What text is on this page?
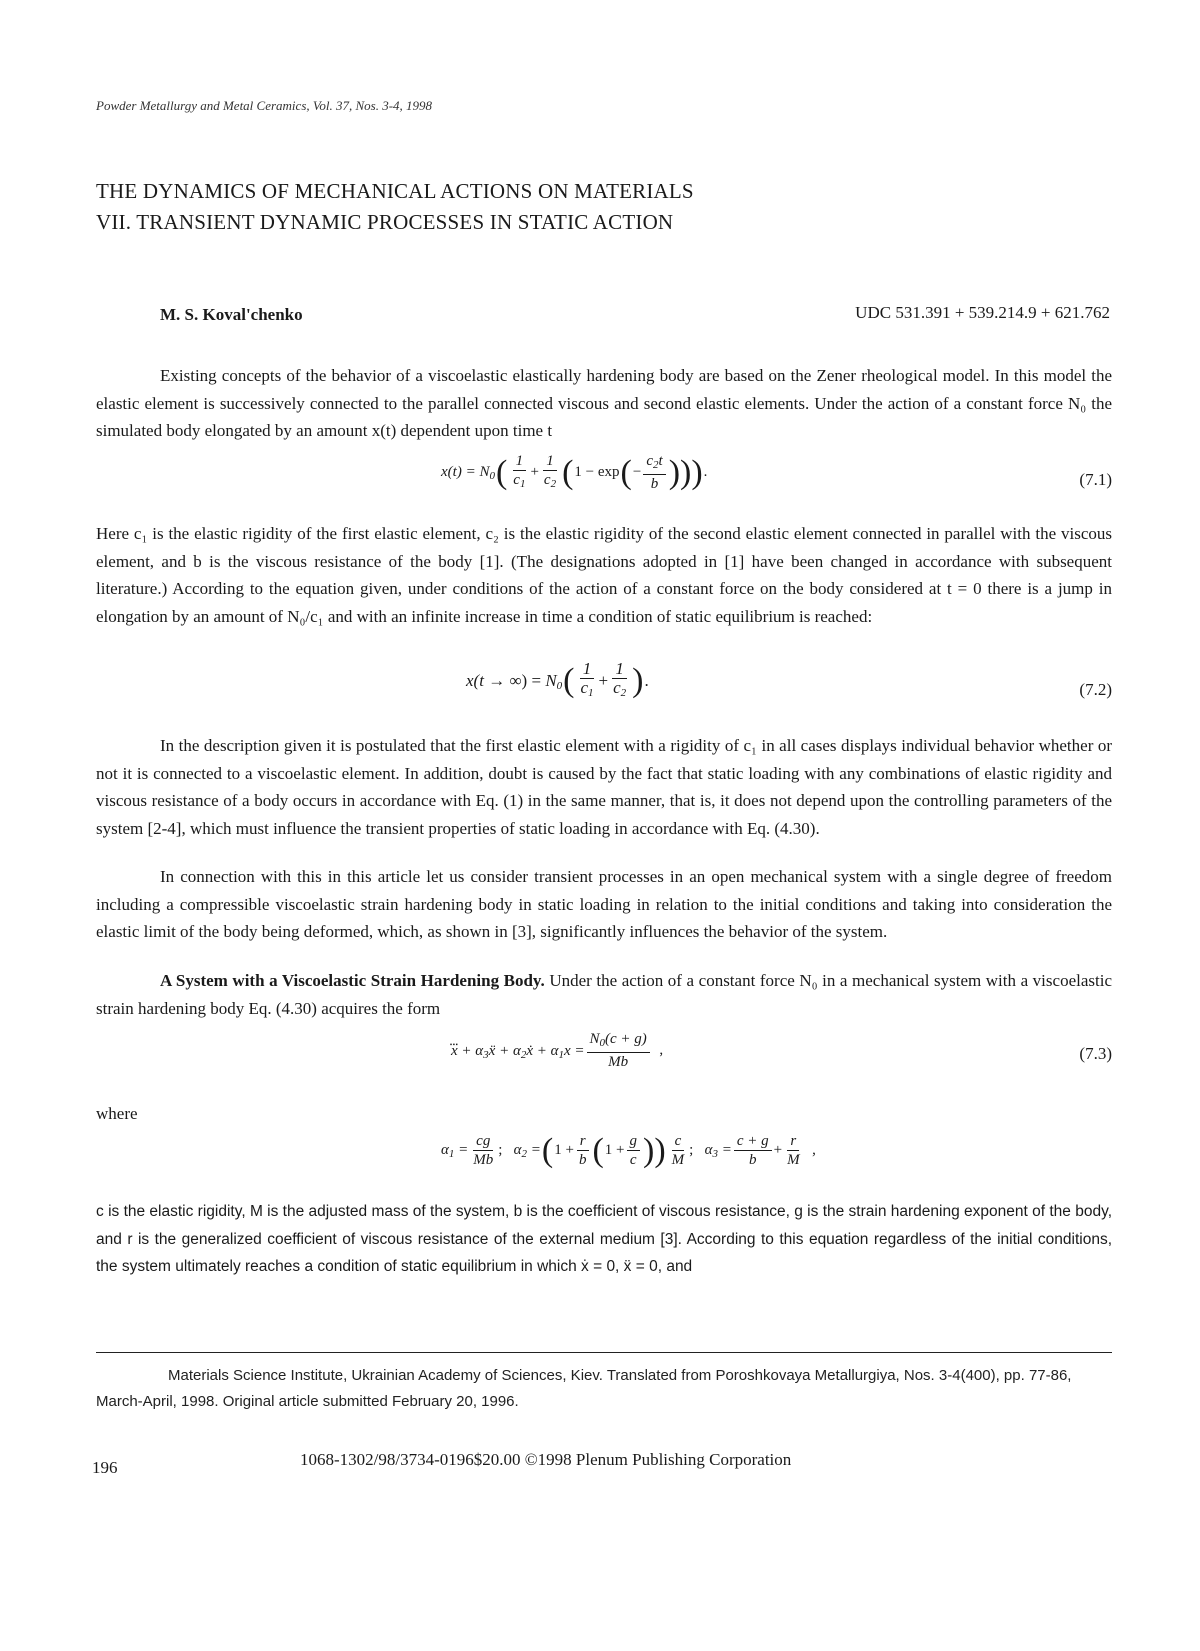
Powder Metallurgy and Metal Ceramics, Vol. 37, Nos. 3-4, 1998
THE DYNAMICS OF MECHANICAL ACTIONS ON MATERIALS
VII. TRANSIENT DYNAMIC PROCESSES IN STATIC ACTION
M. S. Koval'chenko	UDC 531.391 + 539.214.9 + 621.762
Existing concepts of the behavior of a viscoelastic elastically hardening body are based on the Zener rheological model. In this model the elastic element is successively connected to the parallel connected viscous and second elastic elements. Under the action of a constant force N₀ the simulated body elongated by an amount x(t) dependent upon time t
$x(t) = N_0$ ( $\frac{1}{c_1} + \frac{1}{c_2}$ ( 1 − exp ( − $\frac{c_2t}{b}$ ))) .	(7.1)
Here c₁ is the elastic rigidity of the first elastic element, c₂ is the elastic rigidity of the second elastic element connected in parallel with the viscous element, and b is the viscous resistance of the body [1]. (The designations adopted in [1] have been changed in accordance with subsequent literature.) According to the equation given, under conditions of the action of a constant force on the body considered at t = 0 there is a jump in elongation by an amount of N₀/c₁ and with an infinite increase in time a condition of static equilibrium is reached:
x(t → ∞) = $N_0$ ( $\frac{1}{c_1} + \frac{1}{c_2}$ ) .	(7.2)
In the description given it is postulated that the first elastic element with a rigidity of c₁ in all cases displays individual behavior whether or not it is connected to a viscoelastic element. In addition, doubt is caused by the fact that static loading with any combinations of elastic rigidity and viscous resistance of a body occurs in accordance with Eq. (1) in the same manner, that is, it does not depend upon the controlling parameters of the system [2-4], which must influence the transient properties of static loading in accordance with Eq. (4.30).
In connection with this in this article let us consider transient processes in an open mechanical system with a single degree of freedom including a compressible viscoelastic strain hardening body in static loading in relation to the initial conditions and taking into consideration the elastic limit of the body being deformed, which, as shown in [3], significantly influences the behavior of the system.
A System with a Viscoelastic Strain Hardening Body. Under the action of a constant force N₀ in a mechanical system with a viscoelastic strain hardening body Eq. (4.30) acquires the form
$x + \alpha_3ẍ$ + $\alpha_2ẋ + \alpha_1x = \frac{N_0(c + g)}{Mb}$ ,	(7.3)
where
$\alpha_1 = \frac{cg}{Mb}$ ; $\alpha_2$ = ( $1 + \frac{r}{b}$ ( $1 + \frac{g}{c}$ )) $\frac{c}{M}$ ; $\alpha_3 = \frac{c + g}{b} + \frac{r}{M}$ ,
c is the elastic rigidity, M is the adjusted mass of the system, b is the coefficient of viscous resistance, g is the strain hardening exponent of the body, and r is the generalized coefficient of viscous resistance of the external medium [3]. According to this equation regardless of the initial conditions, the system ultimately reaches a condition of static equilibrium in which ẋ = 0, ẍ = 0, and
Materials Science Institute, Ukrainian Academy of Sciences, Kiev. Translated from Poroshkovaya Metallurgiya, Nos. 3-4(400), pp. 77-86, March-April, 1998. Original article submitted February 20, 1996.
196	1068-1302/98/3734-0196$20.00 ©1998 Plenum Publishing Corporation
